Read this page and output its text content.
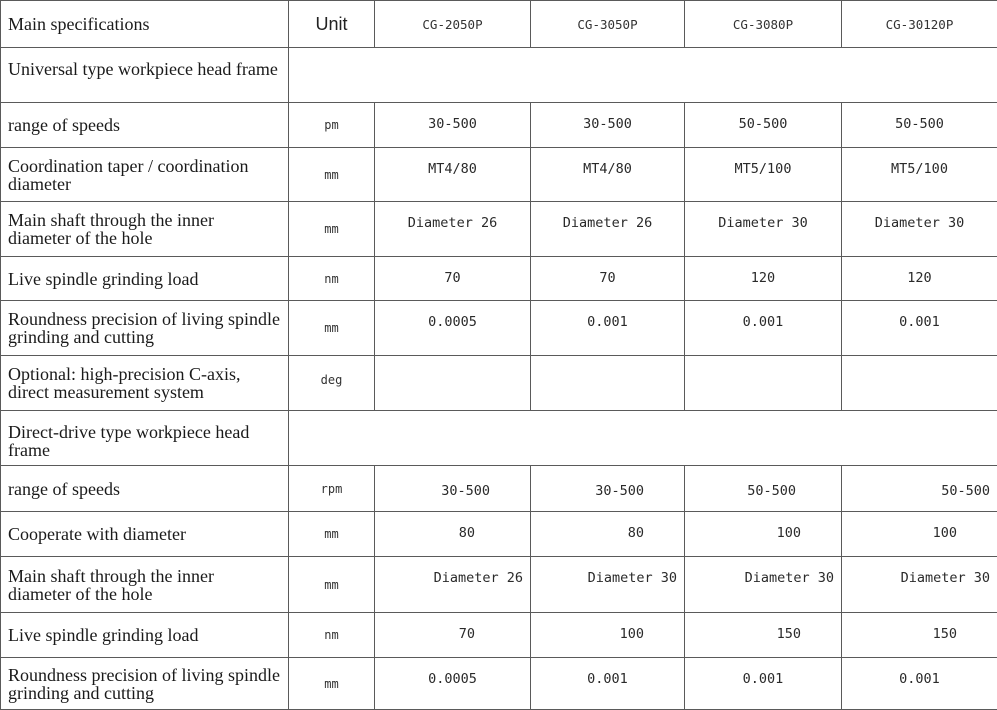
Main specifications	Unit	CG-2050P	CG-3050P	CG-3080P	CG-30120P
Universal type workpiece head frame					
range of speeds	pm	30-500	30-500	50-500	50-500
Coordination taper / coordination diameter	mm	MT4/80	MT4/80	MT5/100	MT5/100
Main shaft through the inner diameter of the hole	mm	Diameter 26	Diameter 26	Diameter 30	Diameter 30
Live spindle grinding load	nm	70	70	120	120
Roundness precision of living spindle grinding and cutting	mm	0.0005	0.001	0.001	0.001
Optional: high-precision C-axis, direct measurement system	deg				
Direct-drive type workpiece head frame					
range of speeds	rpm	30-500	30-500	50-500	50-500
Cooperate with diameter	mm	80	80	100	100
Main shaft through the inner diameter of the hole	mm	Diameter 26	Diameter 30	Diameter 30	Diameter 30
Live spindle grinding load	nm	70	100	150	150
Roundness precision of living spindle grinding and cutting	mm	0.0005	0.001	0.001	0.001
